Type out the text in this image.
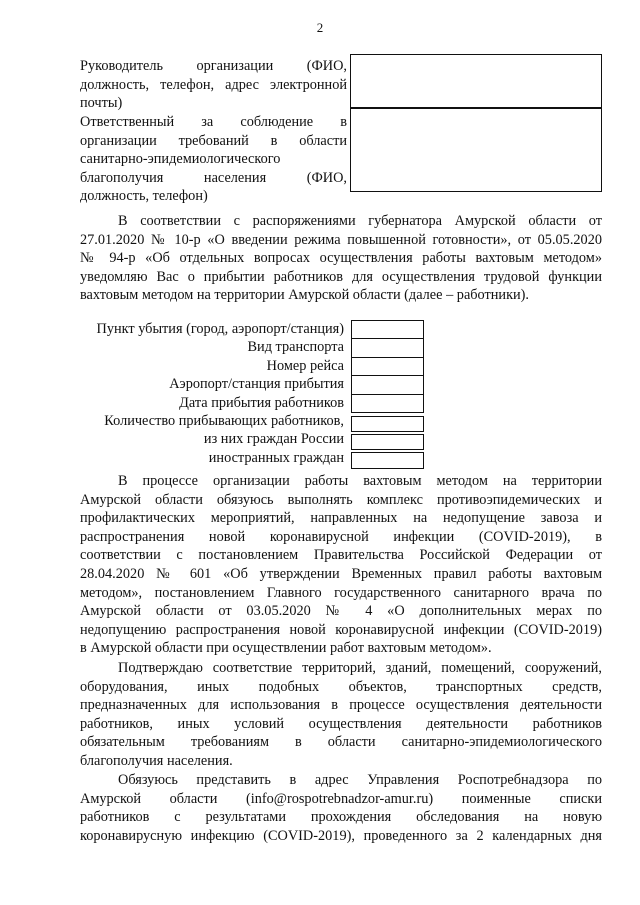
2
Руководитель организации (ФИО,
должность, телефон, адрес электронной
почты)
Ответственный за соблюдение в
организации требований в области
санитарно-эпидемиологического
благополучия населения (ФИО,
должность, телефон)
В соответствии с распоряжениями губернатора Амурской области от
27.01.2020 № 10-р «О введении режима повышенной готовности», от 05.05.2020
№ 94-р «Об отдельных вопросах осуществления работы вахтовым методом»
уведомляю Вас о прибытии работников для осуществления трудовой функции
вахтовым методом на территории Амурской области (далее – работники).
Пункт убытия (город, аэропорт/станция)
Вид транспорта
Номер рейса
Аэропорт/станция прибытия
Дата прибытия работников
Количество прибывающих работников,
из них граждан России
иностранных граждан
В процессе организации работы вахтовым методом на территории
Амурской области обязуюсь выполнять комплекс противоэпидемических и
профилактических мероприятий, направленных на недопущение завоза и
распространения новой коронавирусной инфекции (COVID-2019), в
соответствии с постановлением Правительства Российской Федерации от
28.04.2020 № 601 «Об утверждении Временных правил работы вахтовым
методом», постановлением Главного государственного санитарного врача по
Амурской области от 03.05.2020 № 4 «О дополнительных мерах по
недопущению распространения новой коронавирусной инфекции (COVID-2019)
в Амурской области при осуществлении работ вахтовым методом».
Подтверждаю соответствие территорий, зданий, помещений, сооружений,
оборудования, иных подобных объектов, транспортных средств,
предназначенных для использования в процессе осуществления деятельности
работников, иных условий осуществления деятельности работников
обязательным требованиям в области санитарно-эпидемиологического
благополучия населения.
Обязуюсь представить в адрес Управления Роспотребнадзора по
Амурской области (info@rospotrebnadzor-amur.ru) поименные списки
работников с результатами прохождения обследования на новую
коронавирусную инфекцию (COVID-2019), проведенного за 2 календарных дня
